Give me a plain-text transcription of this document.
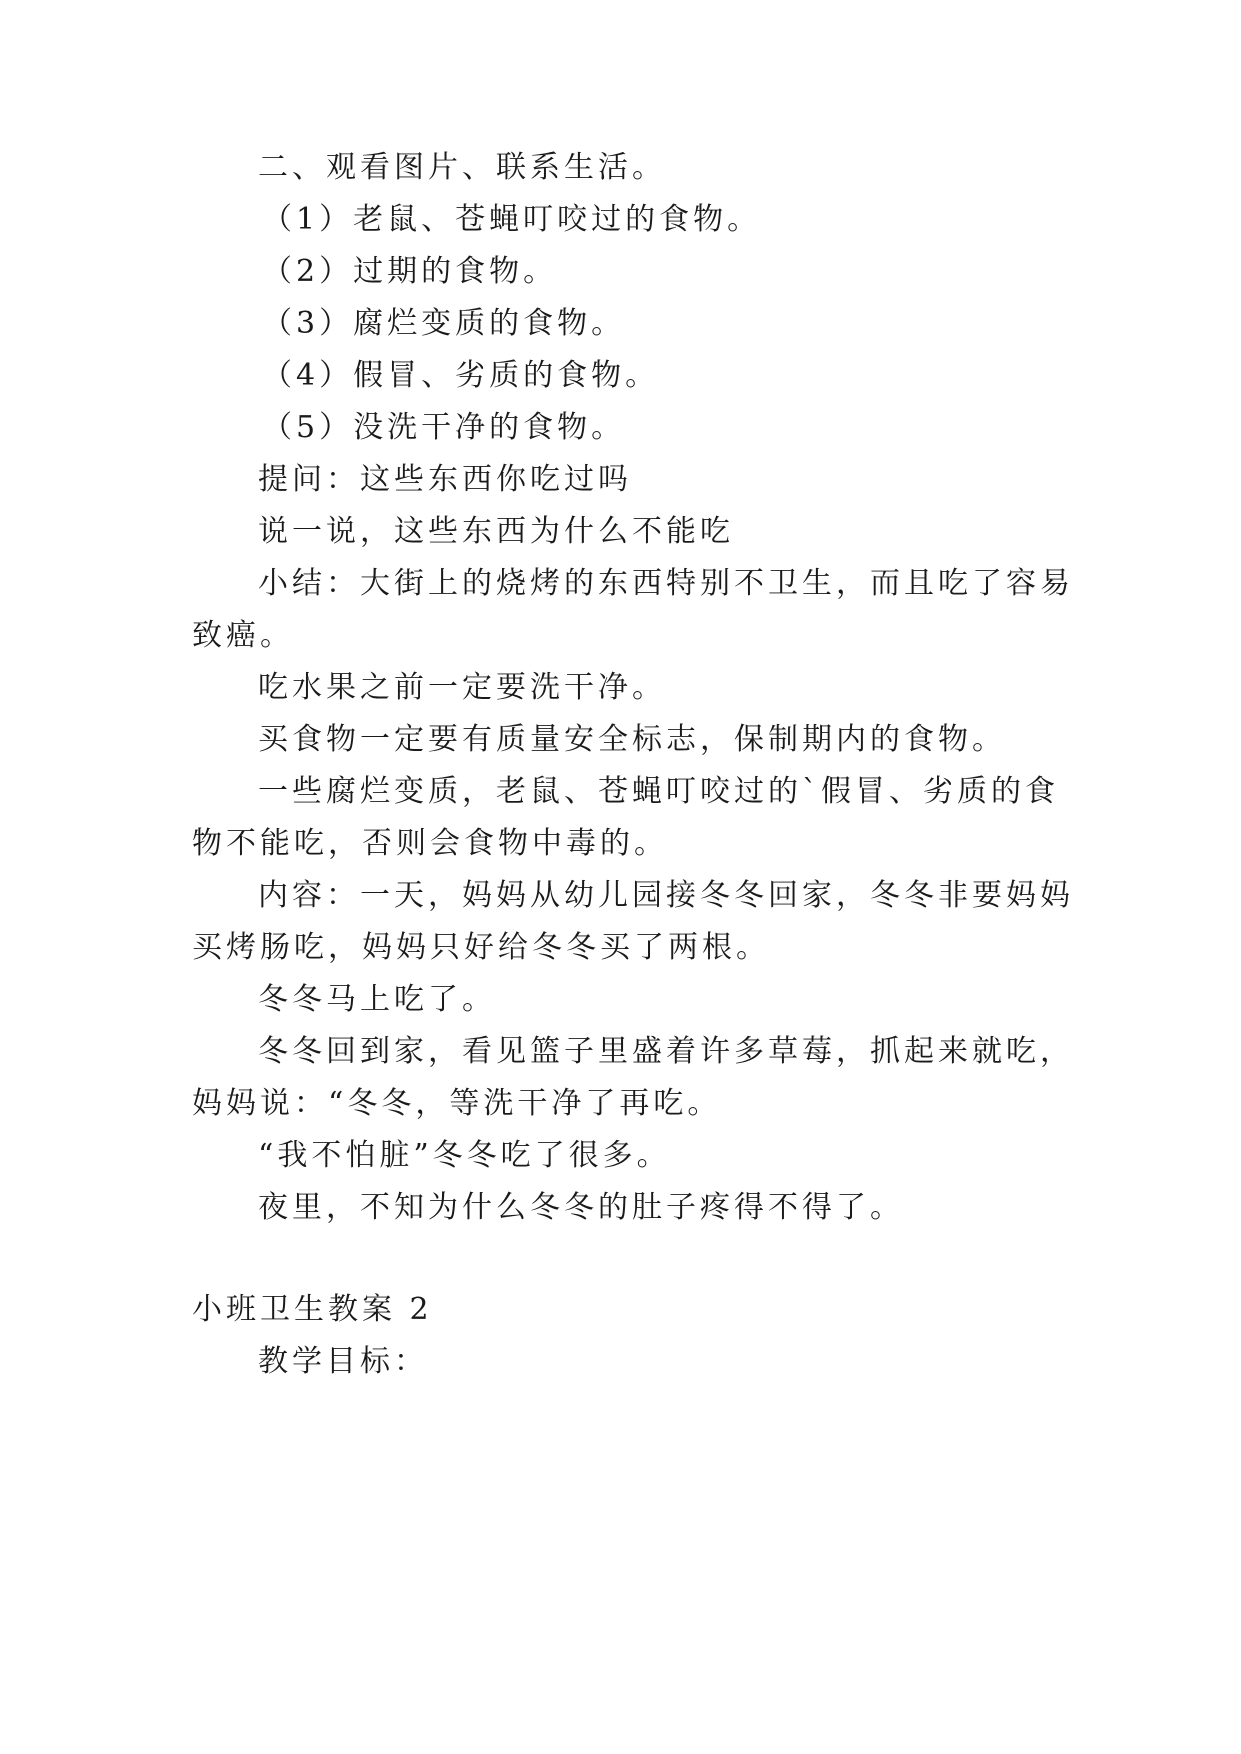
二、观看图片、联系生活。
（1）老鼠、苍蝇叮咬过的食物。
（2）过期的食物。
（3）腐烂变质的食物。
（4）假冒、劣质的食物。
（5）没洗干净的食物。
提问：这些东西你吃过吗
说一说，这些东西为什么不能吃
小结：大街上的烧烤的东西特别不卫生，而且吃了容易
致癌。
吃水果之前一定要洗干净。
买食物一定要有质量安全标志，保制期内的食物。
一些腐烂变质，老鼠、苍蝇叮咬过的`假冒、劣质的食
物不能吃，否则会食物中毒的。
内容：一天，妈妈从幼儿园接冬冬回家，冬冬非要妈妈
买烤肠吃，妈妈只好给冬冬买了两根。
冬冬马上吃了。
冬冬回到家，看见篮子里盛着许多草莓，抓起来就吃，
妈妈说：“冬冬，等洗干净了再吃。
“我不怕脏”冬冬吃了很多。
夜里，不知为什么冬冬的肚子疼得不得了。
小班卫生教案 2
教学目标：
